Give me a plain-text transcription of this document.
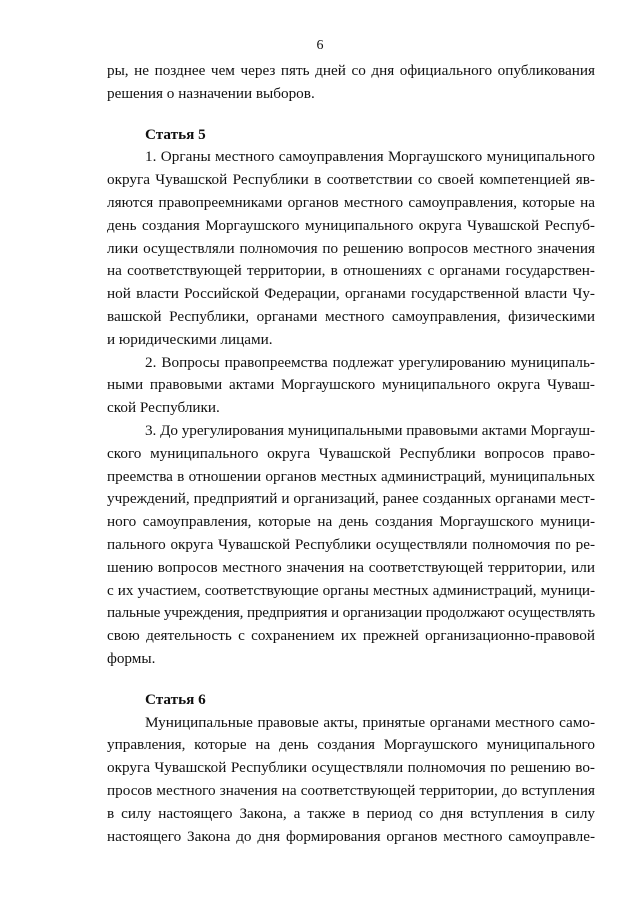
6
ры, не позднее чем через пять дней со дня официального опубликования
решения о назначении выборов.
Статья 5
1. Органы местного самоуправления Моргаушского муниципального
округа Чувашской Республики в соответствии со своей компетенцией яв-
ляются правопреемниками органов местного самоуправления, которые на
день создания Моргаушского муниципального округа Чувашской Респуб-
лики осуществляли полномочия по решению вопросов местного значения
на соответствующей территории, в отношениях с органами государствен-
ной власти Российской Федерации, органами государственной власти Чу-
вашской Республики, органами местного самоуправления, физическими
и юридическими лицами.
2. Вопросы правопреемства подлежат урегулированию муниципаль-
ными правовыми актами Моргаушского муниципального округа Чуваш-
ской Республики.
3. До урегулирования муниципальными правовыми актами Моргауш-
ского муниципального округа Чувашской Республики вопросов право-
преемства в отношении органов местных администраций, муниципальных
учреждений, предприятий и организаций, ранее созданных органами мест-
ного самоуправления, которые на день создания Моргаушского муници-
пального округа Чувашской Республики осуществляли полномочия по ре-
шению вопросов местного значения на соответствующей территории, или
с их участием, соответствующие органы местных администраций, муници-
пальные учреждения, предприятия и организации продолжают осуществлять
свою деятельность с сохранением их прежней организационно-правовой
формы.
Статья 6
Муниципальные правовые акты, принятые органами местного само-
управления, которые на день создания Моргаушского муниципального
округа Чувашской Республики осуществляли полномочия по решению во-
просов местного значения на соответствующей территории, до вступления
в силу настоящего Закона, а также в период со дня вступления в силу
настоящего Закона до дня формирования органов местного самоуправле-
